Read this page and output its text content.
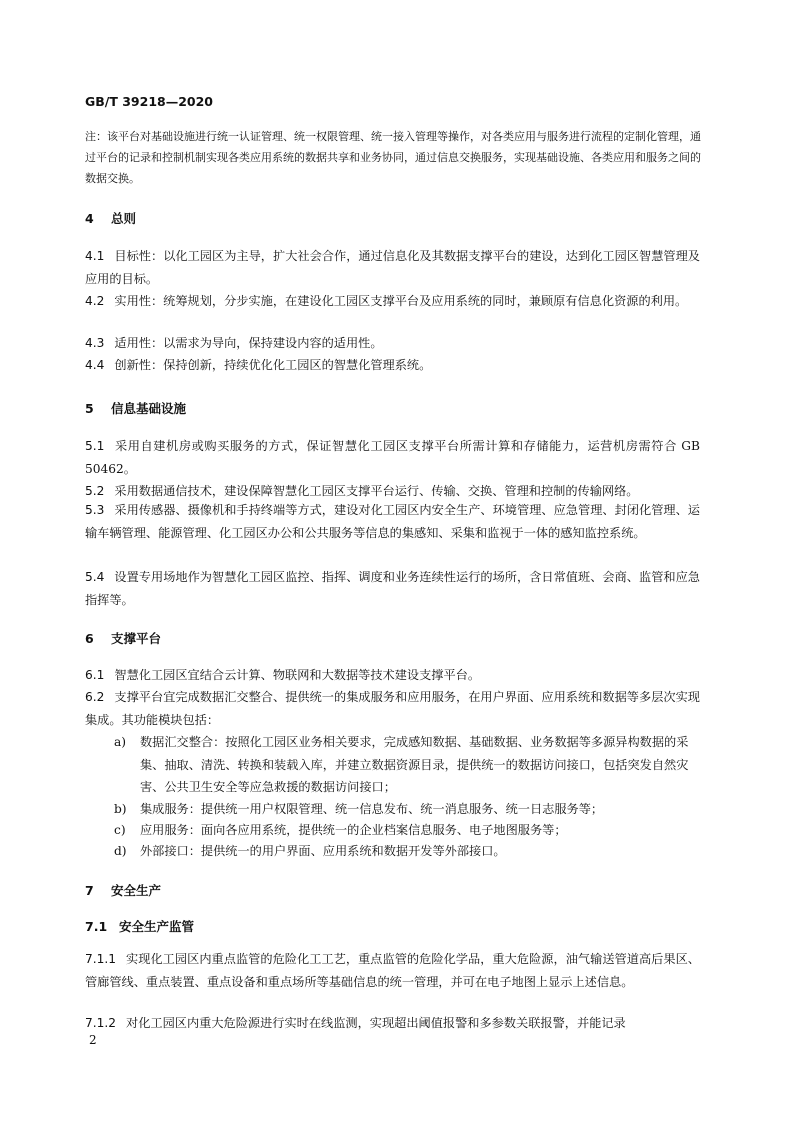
GB/T 39218—2020
注：该平台对基础设施进行统一认证管理、统一权限管理、统一接入管理等操作，对各类应用与服务进行流程的定制化管理，通过平台的记录和控制机制实现各类应用系统的数据共享和业务协同，通过信息交换服务，实现基础设施、各类应用和服务之间的数据交换。
4 总则
4.1 目标性：以化工园区为主导，扩大社会合作，通过信息化及其数据支撑平台的建设，达到化工园区智慧管理及应用的目标。
4.2 实用性：统筹规划，分步实施，在建设化工园区支撑平台及应用系统的同时，兼顾原有信息化资源的利用。
4.3 适用性：以需求为导向，保持建设内容的适用性。
4.4 创新性：保持创新，持续优化化工园区的智慧化管理系统。
5 信息基础设施
5.1 采用自建机房或购买服务的方式，保证智慧化工园区支撑平台所需计算和存储能力，运营机房需符合 GB 50462。
5.2 采用数据通信技术，建设保障智慧化工园区支撑平台运行、传输、交换、管理和控制的传输网络。
5.3 采用传感器、摄像机和手持终端等方式，建设对化工园区内安全生产、环境管理、应急管理、封闭化管理、运输车辆管理、能源管理、化工园区办公和公共服务等信息的集感知、采集和监视于一体的感知监控系统。
5.4 设置专用场地作为智慧化工园区监控、指挥、调度和业务连续性运行的场所，含日常值班、会商、监管和应急指挥等。
6 支撑平台
6.1 智慧化工园区宜结合云计算、物联网和大数据等技术建设支撑平台。
6.2 支撑平台宜完成数据汇交整合、提供统一的集成服务和应用服务，在用户界面、应用系统和数据等多层次实现集成。其功能模块包括：
a)	数据汇交整合：按照化工园区业务相关要求，完成感知数据、基础数据、业务数据等多源异构数据的采集、抽取、清洗、转换和装载入库，并建立数据资源目录，提供统一的数据访问接口，包括突发自然灾害、公共卫生安全等应急救援的数据访问接口；
b)	集成服务：提供统一用户权限管理、统一信息发布、统一消息服务、统一日志服务等；
c)	应用服务：面向各应用系统，提供统一的企业档案信息服务、电子地图服务等；
d)	外部接口：提供统一的用户界面、应用系统和数据开发等外部接口。
7 安全生产
7.1 安全生产监管
7.1.1 实现化工园区内重点监管的危险化工工艺，重点监管的危险化学品，重大危险源，油气输送管道高后果区、管廊管线、重点装置、重点设备和重点场所等基础信息的统一管理，并可在电子地图上显示上述信息。
7.1.2 对化工园区内重大危险源进行实时在线监测，实现超出阈值报警和多参数关联报警，并能记录
2
